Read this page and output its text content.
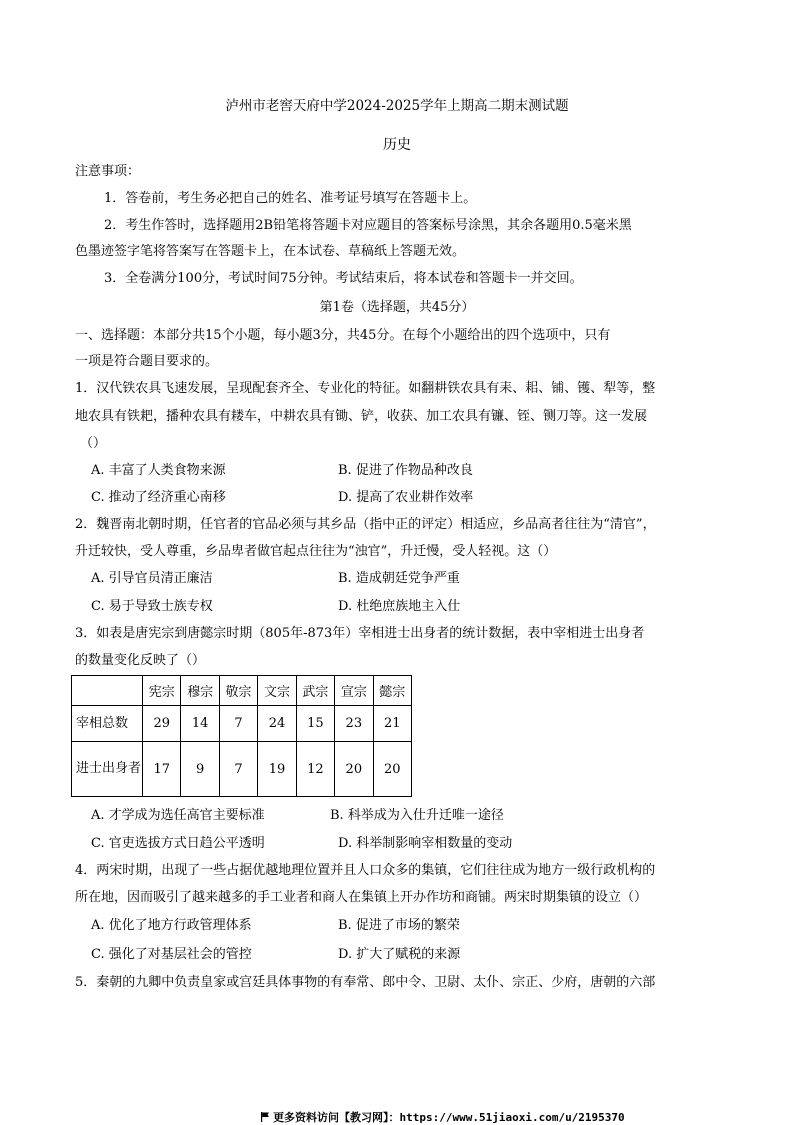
泸州市老窖天府中学2024-2025学年上期高二期末测试题
历史
注意事项：
1．答卷前，考生务必把自己的姓名、准考证号填写在答题卡上。
2．考生作答时，选择题用2B铅笔将答题卡对应题目的答案标号涂黑，其余各题用0.5毫米黑
色墨迹签字笔将答案写在答题卡上，在本试卷、草稿纸上答题无效。
3．全卷满分100分，考试时间75分钟。考试结束后，将本试卷和答题卡一并交回。
第1卷（选择题，共45分）
一、选择题：本部分共15个小题，每小题3分，共45分。在每个小题给出的四个选项中，只有
一项是符合题目要求的。
1．汉代铁农具飞速发展，呈现配套齐全、专业化的特征。如翻耕铁农具有耒、耜、铺、镬、犁等，整
地农具有铁耙，播种农具有耧车，中耕农具有锄、铲，收获、加工农具有镰、铚、铡刀等。这一发展
（）
A. 丰富了人类食物来源	B. 促进了作物品种改良
C. 推动了经济重心南移	D. 提高了农业耕作效率
2．魏晋南北朝时期，任官者的官品必须与其乡品（指中正的评定）相适应，乡品高者往往为“清官”，
升迁较快，受人尊重，乡品卑者做官起点往往为“浊官”，升迁慢，受人轻视。这（）
A. 引导官员清正廉洁	B. 造成朝廷党争严重
C. 易于导致士族专权	D. 杜绝庶族地主入仕
3．如表是唐宪宗到唐懿宗时期（805年-873年）宰相进士出身者的统计数据，表中宰相进士出身者
的数量变化反映了（）
	宪宗	穆宗	敬宗	文宗	武宗	宣宗	懿宗
宰相总数	29	14	7	24	15	23	21
进士出身者	17	9	7	19	12	20	20
A. 才学成为选任高官主要标准	B. 科举成为入仕升迁唯一途径
C. 官吏选拔方式日趋公平透明	D. 科举制影响宰相数量的变动
4．两宋时期，出现了一些占据优越地理位置并且人口众多的集镇，它们往往成为地方一级行政机构的
所在地，因而吸引了越来越多的手工业者和商人在集镇上开办作坊和商铺。两宋时期集镇的设立（）
A. 优化了地方行政管理体系	B. 促进了市场的繁荣
C. 强化了对基层社会的管控	D. 扩大了赋税的来源
5．秦朝的九卿中负责皇家或宫廷具体事物的有奉常、郎中令、卫尉、太仆、宗正、少府，唐朝的六部
更多资料访问【教习网】：https://www.51jiaoxi.com/u/2195370
